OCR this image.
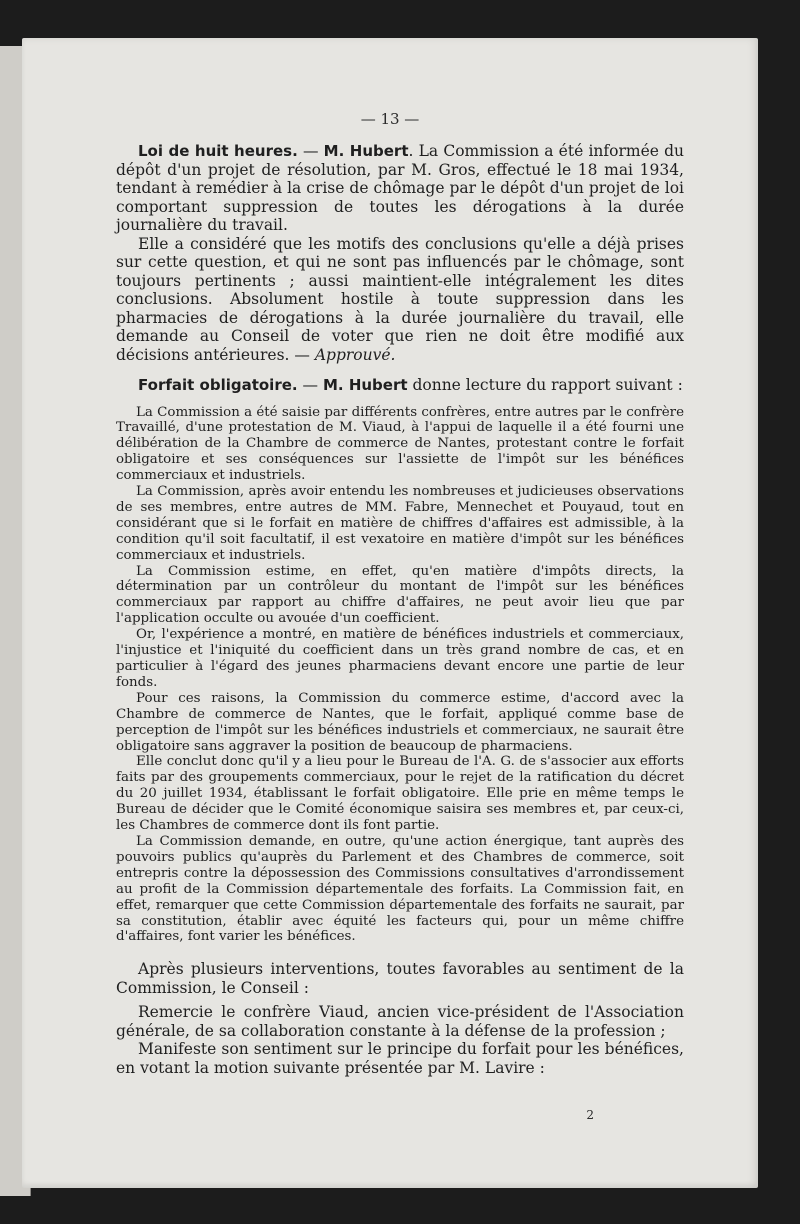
— 13 —

Loi de huit heures. — M. Hubert. La Commission a été informée du dépôt d'un projet de résolution, par M. Gros, effectué le 18 mai 1934, tendant à remédier à la crise de chômage par le dépôt d'un projet de loi comportant suppression de toutes les dérogations à la durée journalière du travail.

Elle a considéré que les motifs des conclusions qu'elle a déjà prises sur cette question, et qui ne sont pas influencés par le chômage, sont toujours pertinents ; aussi maintient-elle intégralement les dites conclusions. Absolument hostile à toute suppression dans les pharmacies de dérogations à la durée journalière du travail, elle demande au Conseil de voter que rien ne doit être modifié aux décisions antérieures. — Approuvé.

Forfait obligatoire. — M. Hubert donne lecture du rapport suivant :

La Commission a été saisie par différents confrères, entre autres par le confrère Travaillé, d'une protestation de M. Viaud, à l'appui de laquelle il a été fourni une délibération de la Chambre de commerce de Nantes, protestant contre le forfait obligatoire et ses conséquences sur l'assiette de l'impôt sur les bénéfices commerciaux et industriels.

La Commission, après avoir entendu les nombreuses et judicieuses observations de ses membres, entre autres de MM. Fabre, Mennechet et Pouyaud, tout en considérant que si le forfait en matière de chiffres d'affaires est admissible, à la condition qu'il soit facultatif, il est vexatoire en matière d'impôt sur les bénéfices commerciaux et industriels.

La Commission estime, en effet, qu'en matière d'impôts directs, la détermination par un contrôleur du montant de l'impôt sur les bénéfices commerciaux par rapport au chiffre d'affaires, ne peut avoir lieu que par l'application occulte ou avouée d'un coefficient.

Or, l'expérience a montré, en matière de bénéfices industriels et commerciaux, l'injustice et l'iniquité du coefficient dans un très grand nombre de cas, et en particulier à l'égard des jeunes pharmaciens devant encore une partie de leur fonds.

Pour ces raisons, la Commission du commerce estime, d'accord avec la Chambre de commerce de Nantes, que le forfait, appliqué comme base de perception de l'impôt sur les bénéfices industriels et commerciaux, ne saurait être obligatoire sans aggraver la position de beaucoup de pharmaciens.

Elle conclut donc qu'il y a lieu pour le Bureau de l'A. G. de s'associer aux efforts faits par des groupements commerciaux, pour le rejet de la ratification du décret du 20 juillet 1934, établissant le forfait obligatoire. Elle prie en même temps le Bureau de décider que le Comité économique saisira ses membres et, par ceux-ci, les Chambres de commerce dont ils font partie.

La Commission demande, en outre, qu'une action énergique, tant auprès des pouvoirs publics qu'auprès du Parlement et des Chambres de commerce, soit entrepris contre la dépossession des Commissions consultatives d'arrondissement au profit de la Commission départementale des forfaits. La Commission fait, en effet, remarquer que cette Commission départementale des forfaits ne saurait, par sa constitution, établir avec équité les facteurs qui, pour un même chiffre d'affaires, font varier les bénéfices.

Après plusieurs interventions, toutes favorables au sentiment de la Commission, le Conseil :

Remercie le confrère Viaud, ancien vice-président de l'Association générale, de sa collaboration constante à la défense de la profession ;

Manifeste son sentiment sur le principe du forfait pour les bénéfices, en votant la motion suivante présentée par M. Lavire :

2
